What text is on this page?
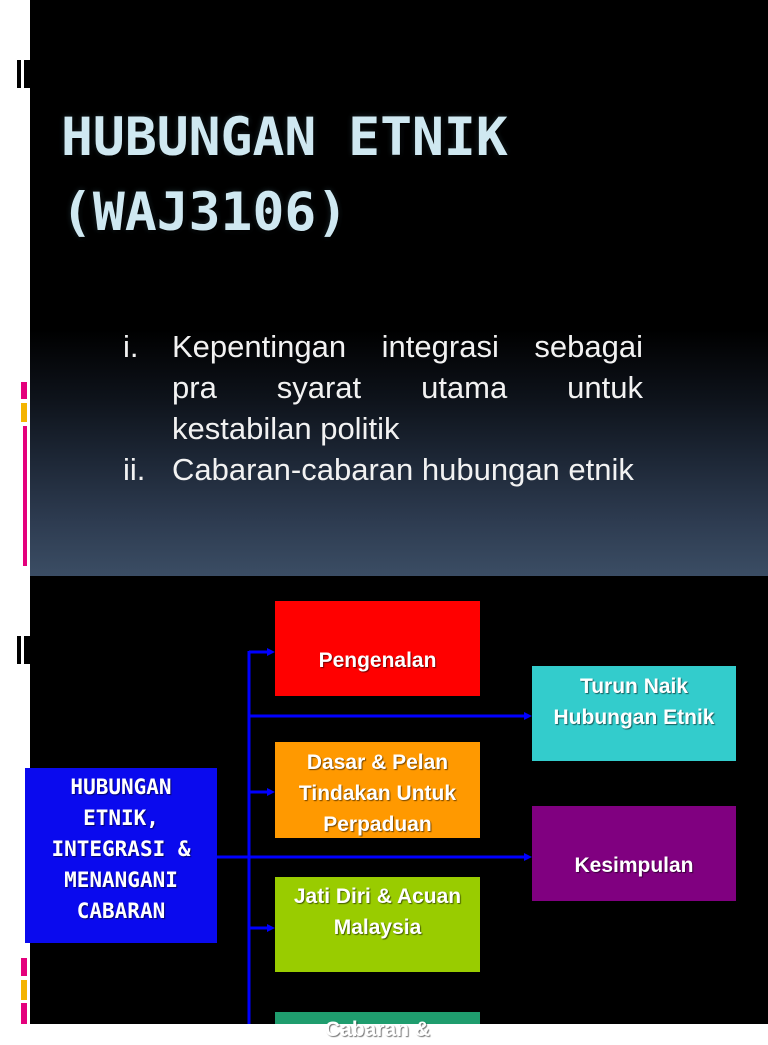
HUBUNGAN ETNIK
(WAJ3106)
i. Kepentingan integrasi sebagai
pra syarat utama untuk
kestabilan politik
ii. Cabaran-cabaran hubungan etnik
HUBUNGAN
ETNIK,
INTEGRASI &
MENANGANI
CABARAN
Pengenalan
Turun Naik
Hubungan Etnik
Dasar & Pelan
Tindakan Untuk
Perpaduan
Kesimpulan
Jati Diri & Acuan
Malaysia
Cabaran &
